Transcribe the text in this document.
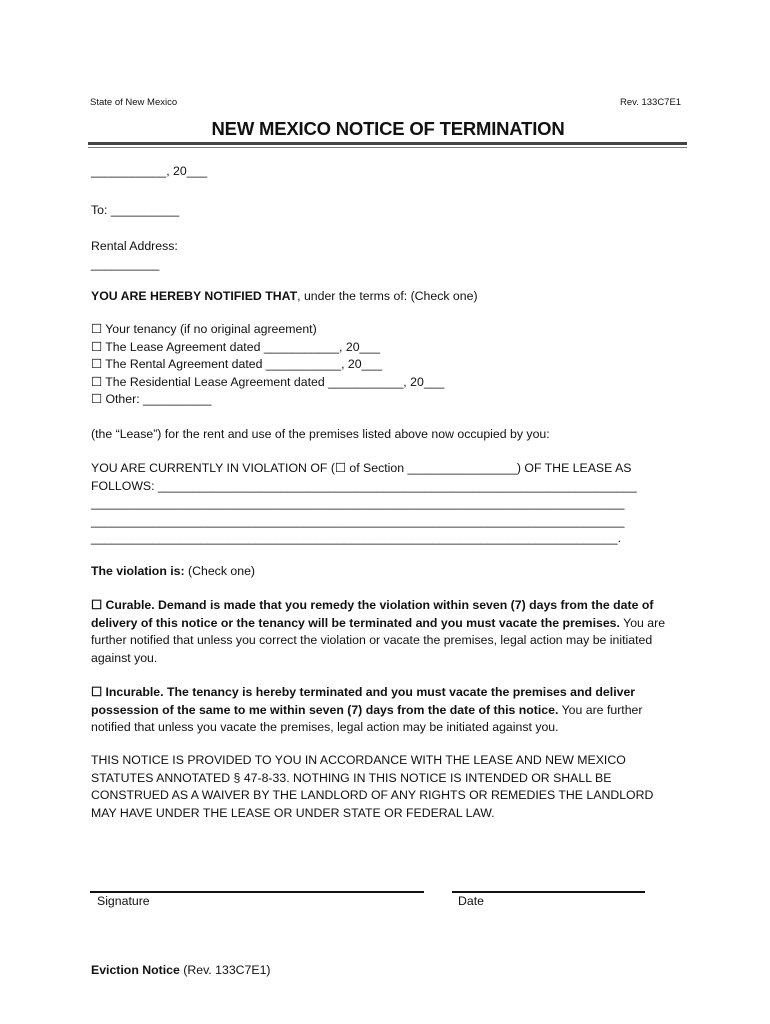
State of New Mexico	Rev. 133C7E1
NEW MEXICO NOTICE OF TERMINATION
___________, 20___
To: __________
Rental Address:
__________
YOU ARE HEREBY NOTIFIED THAT, under the terms of: (Check one)
☐ Your tenancy (if no original agreement)
☐ The Lease Agreement dated ___________, 20___
☐ The Rental Agreement dated ___________, 20___
☐ The Residential Lease Agreement dated ___________, 20___
☐ Other: __________
(the “Lease”) for the rent and use of the premises listed above now occupied by you:
YOU ARE CURRENTLY IN VIOLATION OF (☐ of Section ________________) OF THE LEASE AS
FOLLOWS: ______________________________________________________________________
______________________________________________________________________________
______________________________________________________________________________
_____________________________________________________________________________.
The violation is: (Check one)
☐ Curable. Demand is made that you remedy the violation within seven (7) days from the date of delivery of this notice or the tenancy will be terminated and you must vacate the premises. You are further notified that unless you correct the violation or vacate the premises, legal action may be initiated against you.
☐ Incurable. The tenancy is hereby terminated and you must vacate the premises and deliver possession of the same to me within seven (7) days from the date of this notice. You are further notified that unless you vacate the premises, legal action may be initiated against you.
THIS NOTICE IS PROVIDED TO YOU IN ACCORDANCE WITH THE LEASE AND NEW MEXICO STATUTES ANNOTATED § 47-8-33. NOTHING IN THIS NOTICE IS INTENDED OR SHALL BE CONSTRUED AS A WAIVER BY THE LANDLORD OF ANY RIGHTS OR REMEDIES THE LANDLORD MAY HAVE UNDER THE LEASE OR UNDER STATE OR FEDERAL LAW.
Signature	Date
Eviction Notice (Rev. 133C7E1)
